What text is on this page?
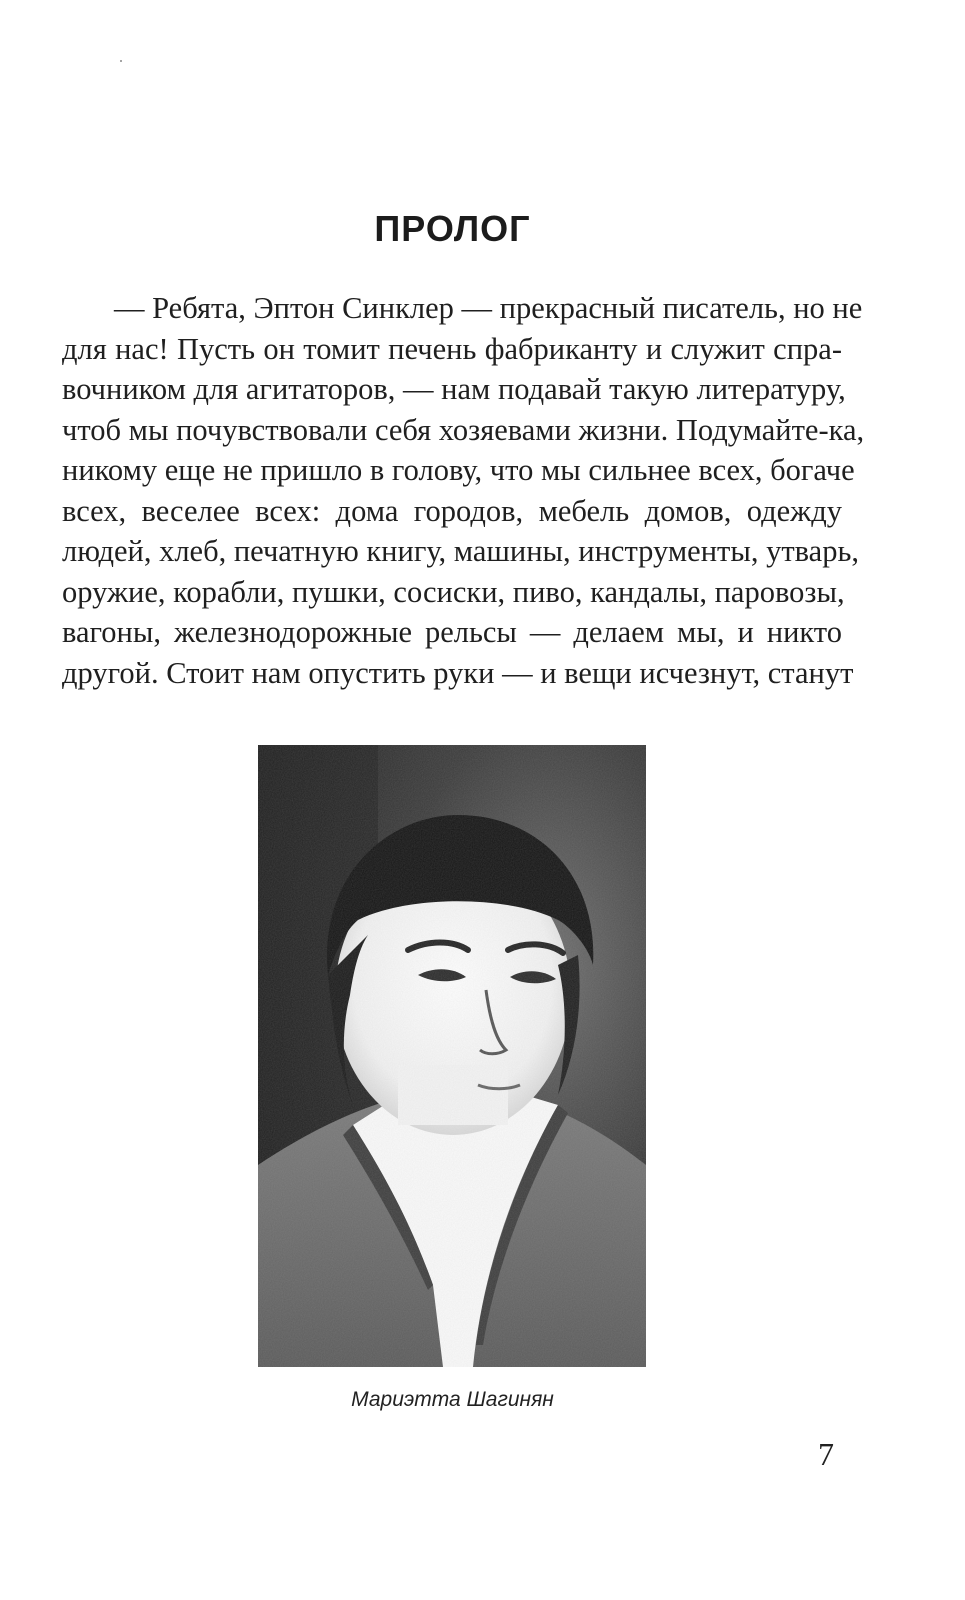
ПРОЛОГ
— Ребята, Эптон Синклер — прекрасный писатель, но не
для нас! Пусть он томит печень фабриканту и служит спра-
вочником для агитаторов, — нам подавай такую литературу,
чтоб мы почувствовали себя хозяевами жизни. Подумайте-ка,
никому еще не пришло в голову, что мы сильнее всех, богаче
всех, веселее всех: дома городов, мебель домов, одежду
людей, хлеб, печатную книгу, машины, инструменты, утварь,
оружие, корабли, пушки, сосиски, пиво, кандалы, паровозы,
вагоны, железнодорожные рельсы — делаем мы, и никто
другой. Стоит нам опустить руки — и вещи исчезнут, станут
Мариэтта Шагинян
7
